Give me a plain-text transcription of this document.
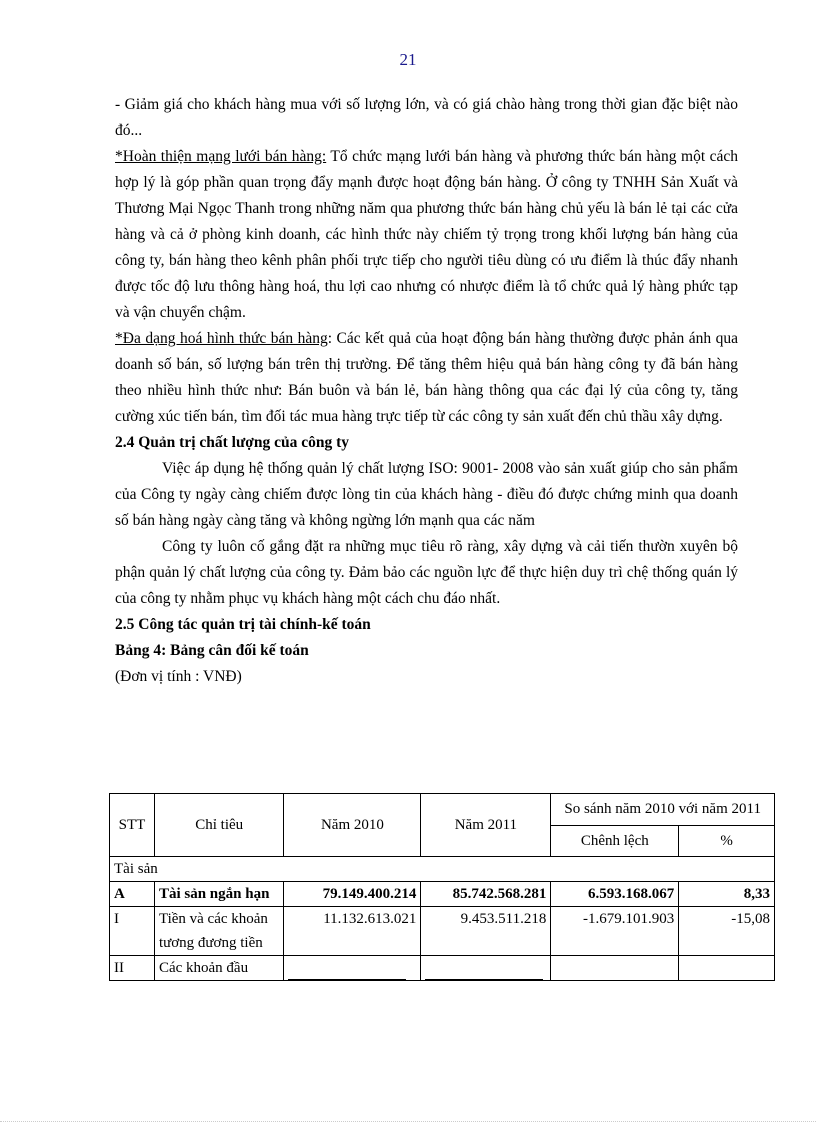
21

- Giảm giá cho khách hàng mua với số lượng lớn, và có giá chào hàng trong thời gian đặc biệt nào đó...

*Hoàn thiện mạng lưới bán hàng: Tổ chức mạng lưới bán hàng và phương thức bán hàng một cách hợp lý là góp phần quan trọng đẩy mạnh được hoạt động bán hàng. Ở công ty TNHH Sản Xuất và Thương Mại Ngọc Thanh trong những năm qua phương thức bán hàng chủ yếu là bán lẻ tại các cửa hàng và cả ở phòng kinh doanh, các hình thức này chiếm tỷ trọng trong khối lượng bán hàng của công ty, bán hàng theo kênh phân phối trực tiếp cho người tiêu dùng có ưu điểm là thúc đẩy nhanh được tốc độ lưu thông hàng hoá, thu lợi cao nhưng có nhược điểm là tổ chức quả lý hàng phức tạp và vận chuyển chậm.

*Đa dạng hoá hình thức bán hàng: Các kết quả của hoạt động bán hàng thường được phản ánh qua doanh số bán, số lượng bán trên thị trường. Để tăng thêm hiệu quả bán hàng công ty đã bán hàng theo nhiều hình thức như: Bán buôn và bán lẻ, bán hàng thông qua các đại lý của công ty, tăng cường xúc tiến bán, tìm đối tác mua hàng trực tiếp từ các công ty sản xuất đến chủ thầu xây dựng.

2.4 Quản trị chất lượng của công ty

Việc áp dụng hệ thống quản lý chất lượng ISO: 9001- 2008 vào sản xuất giúp cho sản phẩm của Công ty ngày càng chiếm được lòng tin của khách hàng - điều đó được chứng minh qua doanh số bán hàng ngày càng tăng và không ngừng lớn mạnh qua các năm

Công ty luôn cố gắng đặt ra những mục tiêu rõ ràng, xây dựng và cải tiến thườn xuyên bộ phận quản lý chất lượng của công ty. Đảm bảo các nguồn lực để thực hiện duy trì chệ thống quán lý của công ty nhằm phục vụ khách hàng một cách chu đáo nhất.

2.5 Công tác quản trị tài chính-kế toán

Bảng 4: Bảng cân đối kế toán

(Đơn vị tính : VNĐ)

STT	Chỉ tiêu	Năm 2010	Năm 2011	So sánh năm 2010 với năm 2011	
				Chênh lệch	%
Tài sản					
A	Tài sản ngắn hạn	79.149.400.214	85.742.568.281	6.593.168.067	8,33
I	Tiền và các khoản tương đương tiền	11.132.613.021	9.453.511.218	-1.679.101.903	-15,08
II	Các khoản đầu				
